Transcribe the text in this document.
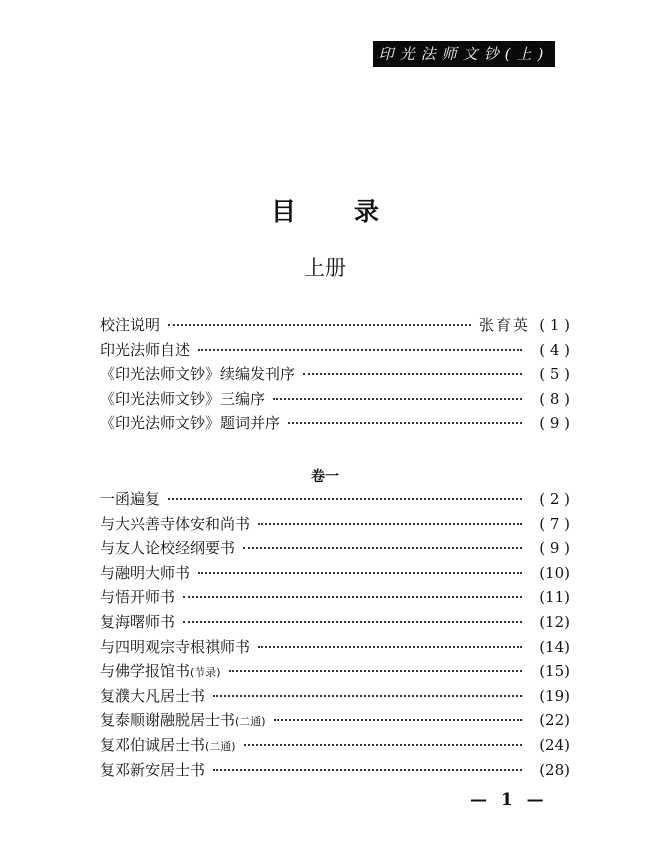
印光法师文钞(上)
目 录
上册
校注说明	张育英 ( 1 )
印光法师自述	( 4 )
《印光法师文钞》续编发刊序	( 5 )
《印光法师文钞》三编序	( 8 )
《印光法师文钞》题词并序	( 9 )
卷一
一函遍复	( 2 )
与大兴善寺体安和尚书	( 7 )
与友人论校经纲要书	( 9 )
与融明大师书	(10)
与悟开师书	(11)
复海曙师书	(12)
与四明观宗寺根祺师书	(14)
与佛学报馆书(节录)	(15)
复濮大凡居士书	(19)
复泰顺谢融脱居士书(二通)	(22)
复邓伯诚居士书(二通)	(24)
复邓新安居士书	(28)
— 1 —
